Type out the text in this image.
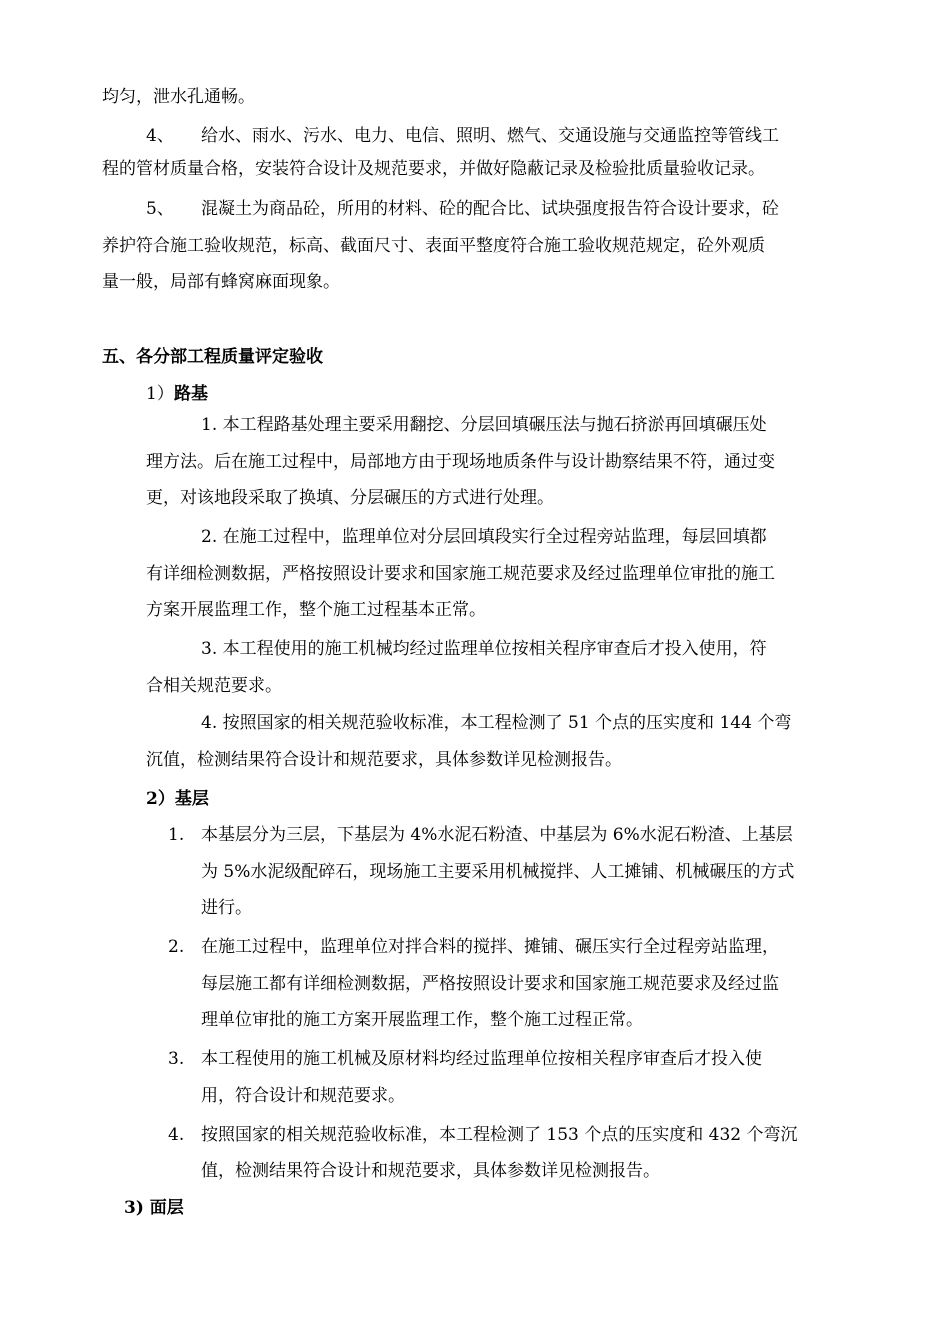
均匀，泄水孔通畅。

4、 给水、雨水、污水、电力、电信、照明、燃气、交通设施与交通监控等管线工

程的管材质量合格，安装符合设计及规范要求，并做好隐蔽记录及检验批质量验收记录。

5、 混凝土为商品砼，所用的材料、砼的配合比、试块强度报告符合设计要求，砼

养护符合施工验收规范，标高、截面尺寸、表面平整度符合施工验收规范规定，砼外观质

量一般，局部有蜂窝麻面现象。

五、各分部工程质量评定验收

1） 路基

1. 本工程路基处理主要采用翻挖、分层回填碾压法与抛石挤淤再回填碾压处

理方法。后在施工过程中，局部地方由于现场地质条件与设计勘察结果不符，通过变

更，对该地段采取了换填、分层碾压的方式进行处理。

2. 在施工过程中，监理单位对分层回填段实行全过程旁站监理，每层回填都

有详细检测数据，严格按照设计要求和国家施工规范要求及经过监理单位审批的施工

方案开展监理工作，整个施工过程基本正常。

3. 本工程使用的施工机械均经过监理单位按相关程序审查后才投入使用，符

合相关规范要求。

4. 按照国家的相关规范验收标准，本工程检测了 51 个点的压实度和 144 个弯

沉值，检测结果符合设计和规范要求，具体参数详见检测报告。

2）基层

1. 本基层分为三层，下基层为 4%水泥石粉渣、中基层为 6%水泥石粉渣、上基层

为 5%水泥级配碎石，现场施工主要采用机械搅拌、人工摊铺、机械碾压的方式

进行。

2. 在施工过程中，监理单位对拌合料的搅拌、摊铺、碾压实行全过程旁站监理，

每层施工都有详细检测数据，严格按照设计要求和国家施工规范要求及经过监

理单位审批的施工方案开展监理工作，整个施工过程正常。

3. 本工程使用的施工机械及原材料均经过监理单位按相关程序审查后才投入使

用，符合设计和规范要求。

4. 按照国家的相关规范验收标准，本工程检测了 153 个点的压实度和 432 个弯沉

值，检测结果符合设计和规范要求，具体参数详见检测报告。

3) 面层
